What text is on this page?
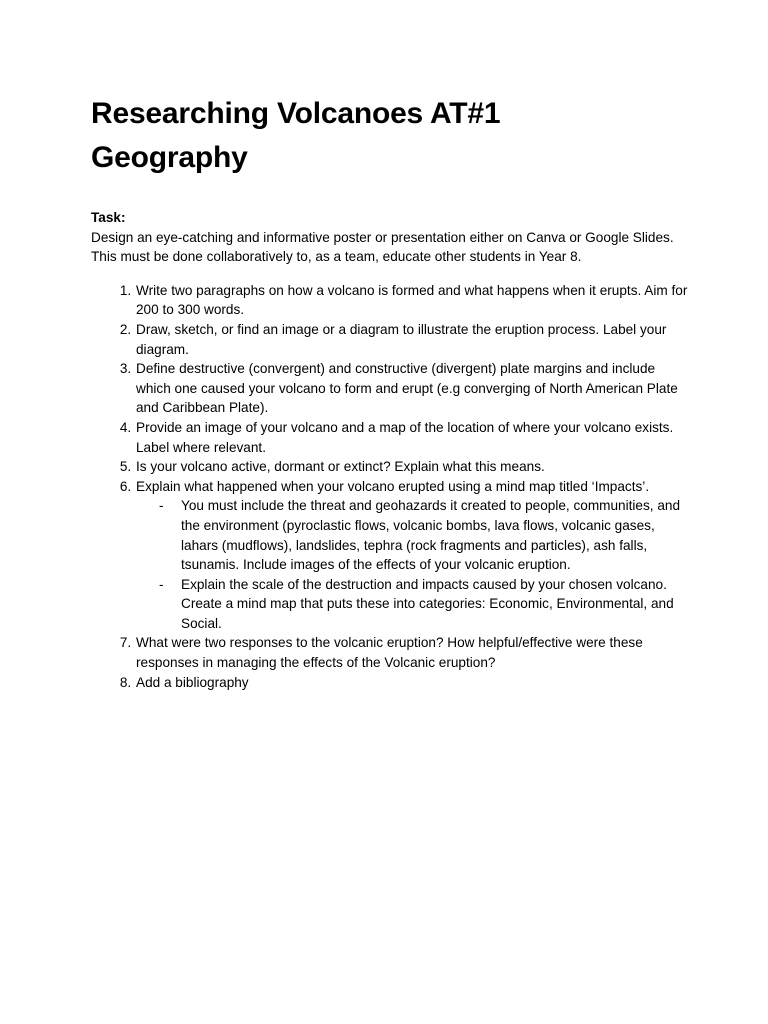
Researching Volcanoes AT#1
Geography
Task:
Design an eye-catching and informative poster or presentation either on Canva or Google Slides. This must be done collaboratively to, as a team, educate other students in Year 8.
1. Write two paragraphs on how a volcano is formed and what happens when it erupts. Aim for 200 to 300 words.
2. Draw, sketch, or find an image or a diagram to illustrate the eruption process. Label your diagram.
3. Define destructive (convergent) and constructive (divergent) plate margins and include which one caused your volcano to form and erupt (e.g converging of North American Plate and Caribbean Plate).
4. Provide an image of your volcano and a map of the location of where your volcano exists. Label where relevant.
5. Is your volcano active, dormant or extinct? Explain what this means.
6. Explain what happened when your volcano erupted using a mind map titled ‘Impacts’.
- You must include the threat and geohazards it created to people, communities, and the environment (pyroclastic flows, volcanic bombs, lava flows, volcanic gases, lahars (mudflows), landslides, tephra (rock fragments and particles), ash falls, tsunamis. Include images of the effects of your volcanic eruption.
- Explain the scale of the destruction and impacts caused by your chosen volcano. Create a mind map that puts these into categories: Economic, Environmental, and Social.
7. What were two responses to the volcanic eruption? How helpful/effective were these responses in managing the effects of the Volcanic eruption?
8. Add a bibliography
